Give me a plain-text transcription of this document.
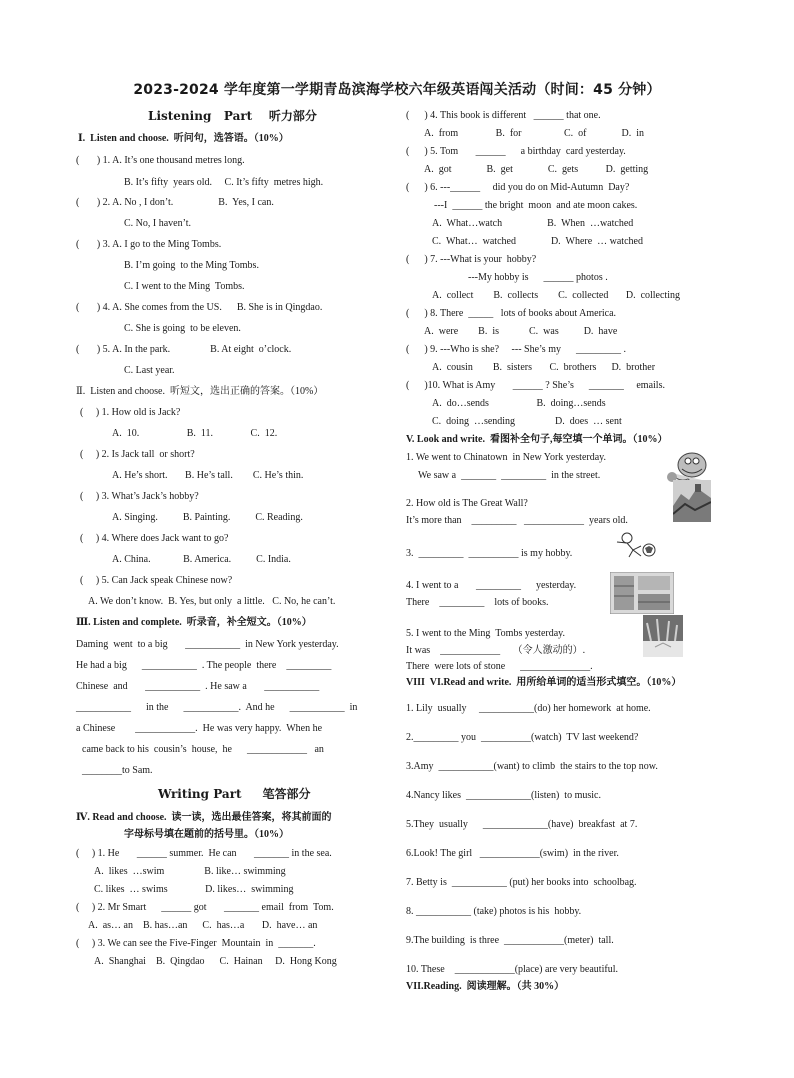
2023-2024 学年度第一学期青岛滨海学校六年级英语闯关活动（时间：45 分钟）
Listening   Part    听力部分
Ⅰ.  Listen and choose.  听问句，选答语。（10%）
(       ) 1. A. It’s one thousand metres long.
B. It’s fifty  years old.     C. It’s fifty  metres high.
(       ) 2. A. No , I don’t.                  B.  Yes, I can.
C. No, I haven’t.
(       ) 3. A. I go to the Ming Tombs.
B. I’m going  to the Ming Tombs.
C. I went to the Ming  Tombs.
(       ) 4. A. She comes from the US.      B. She is in Qingdao.
C. She is going  to be eleven.
(       ) 5. A. In the park.                B. At eight  o’clock.
C. Last year.
Ⅱ.  Listen and choose.  听短文，选出正确的答案。（10%）
(     ) 1. How old is Jack?
A.  10.                   B.  11.               C.  12.
(     ) 2. Is Jack tall  or short?
A. He’s short.       B. He’s tall.        C. He’s thin.
(     ) 3. What’s Jack’s hobby?
A. Singing.          B. Painting.          C. Reading.
(     ) 4. Where does Jack want to go?
A. China.             B. America.          C. India.
(     ) 5. Can Jack speak Chinese now?
A. We don’t know.  B. Yes, but only  a little.   C. No, he can’t.
Ⅲ. Listen and complete.  听录音，补全短文。（10%）
Daming  went  to a big       ___________  in New York yesterday.
He had a big      ___________  . The people  there    _________
Chinese  and       ___________  . He saw a       ___________
___________      in the      ___________.  And he      ___________  in
a Chinese        ____________.  He was very happy.  When he
came back to his  cousin’s  house,  he      ____________   an
________to Sam.
Writing Part     笔答部分
Ⅳ. Read and choose.  读一读，选出最佳答案，将其前面的
字母标号填在题前的括号里。（10%）
(     ) 1. He       ______ summer.  He can       _______ in the sea.
A.  likes  …swim                B. like… swimming
C. likes  … swims               D. likes…  swimming
(     ) 2. Mr Smart      ______ got       _______ email  from  Tom.
A.  as… an    B. has…an      C.  has…a       D.  have… an
(     ) 3. We can see the Five-Finger  Mountain  in  _______.
A.  Shanghai    B.  Qingdao      C.  Hainan     D.  Hong Kong
(      ) 4. This book is different   ______ that one.
A.  from               B.  for                 C.  of              D.  in
(      ) 5. Tom       ______      a birthday  card yesterday.
A.  got              B.  get              C.  gets           D.  getting
(      ) 6. ---______     did you do on Mid-Autumn  Day?
---I  ______ the bright  moon  and ate moon cakes.
A.  What…watch                  B.  When  …watched
C.  What…  watched              D.  Where  … watched
(      ) 7. ---What is your  hobby?
---My hobby is      ______ photos .
A.  collect        B.  collects        C.  collected       D.  collecting
(      ) 8. There  _____   lots of books about America.
A.  were        B.  is            C.  was          D.  have
(      ) 9. ---Who is she?     --- She’s my      _________ .
A.  cousin        B.  sisters       C.  brothers      D.  brother
(      )10. What is Amy       ______ ? She’s      _______     emails.
A.  do…sends                   B.  doing…sends
C.  doing  …sending                D.  does  … sent
V. Look and write.  看图补全句子,每空填一个单词。（10%）
1. We went to Chinatown  in New York yesterday.
We saw a  _______  _________  in the street.
2. How old is The Great Wall?
It’s more than    _________   ____________  years old.
3.  _________  __________ is my hobby.
4. I went to a       _________      yesterday.
There    _________    lots of books.
5. I went to the Ming  Tombs yesterday.
It was    ____________     （令人激动的）.
There  were lots of stone      ______________.
VIII  VI.Read and write.  用所给单词的适当形式填空。（10%）
1. Lily  usually     ___________(do) her homework  at home.
2._________ you  __________(watch)  TV last weekend?
3.Amy  ___________(want) to climb  the stairs to the top now.
4.Nancy likes  _____________(listen)  to music.
5.They  usually      _____________(have)  breakfast  at 7.
6.Look! The girl   ____________(swim)  in the river.
7. Betty is  ___________ (put) her books into  schoolbag.
8. ___________ (take) photos is his  hobby.
9.The building  is three  ____________(meter)  tall.
10. These    ____________(place) are very beautiful.
VII.Reading.  阅读理解。（共 30%）
